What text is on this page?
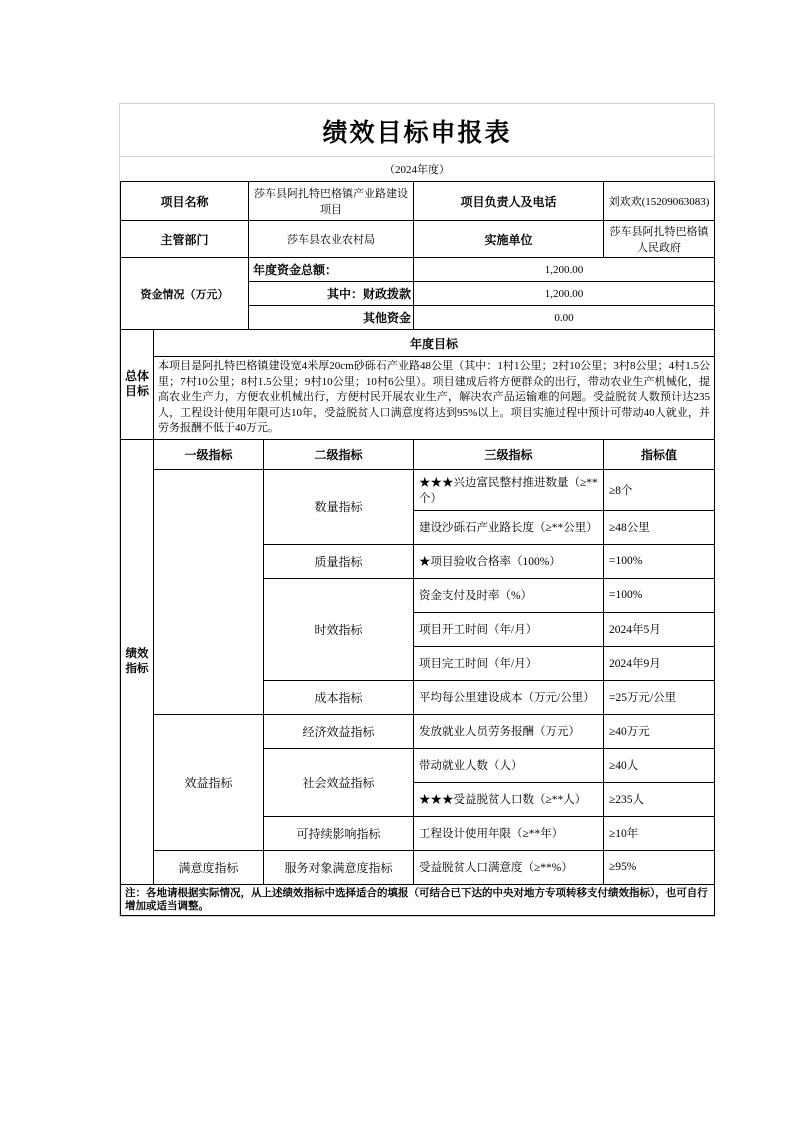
绩效目标申报表
（2024年度）
项目名称	莎车县阿扎特巴格镇产业路建设项目	项目负责人及电话	刘欢欢(15209063083)
主管部门	莎车县农业农村局	实施单位	莎车县阿扎特巴格镇人民政府
资金情况（万元）	年度资金总额：	1,200.00
	其中：财政拨款	1,200.00
	其他资金	0.00
总体目标	年度目标
本项目是阿扎特巴格镇建设宽4米厚20cm砂砾石产业路48公里（其中：1村1公里；2村10公里；3村8公里；4村1.5公里；7村10公里；8村1.5公里；9村10公里；10村6公里）。项目建成后将方便群众的出行，带动农业生产机械化，提高农业生产力，方便农业机械出行，方便村民开展农业生产，解决农产品运输难的问题。受益脱贫人数预计达235人，工程设计使用年限可达10年，受益脱贫人口满意度将达到95%以上。项目实施过程中预计可带动40人就业，并劳务报酬不低于40万元。
绩效指标	一级指标	二级指标	三级指标	指标值
		数量指标	★★★兴边富民整村推进数量（≥**个）	≥8个
			建设沙砾石产业路长度（≥**公里）	≥48公里
		质量指标	★项目验收合格率（100%）	=100%
		时效指标	资金支付及时率（%）	=100%
			项目开工时间（年/月）	2024年5月
			项目完工时间（年/月）	2024年9月
		成本指标	平均每公里建设成本（万元/公里）	=25万元/公里
	效益指标	经济效益指标	发放就业人员劳务报酬（万元）	≥40万元
		社会效益指标	带动就业人数（人）	≥40人
			★★★受益脱贫人口数（≥**人）	≥235人
		可持续影响指标	工程设计使用年限（≥**年）	≥10年
	满意度指标	服务对象满意度指标	受益脱贫人口满意度（≥**%）	≥95%
注：各地请根据实际情况，从上述绩效指标中选择适合的填报（可结合已下达的中央对地方专项转移支付绩效指标），也可自行增加或适当调整。
